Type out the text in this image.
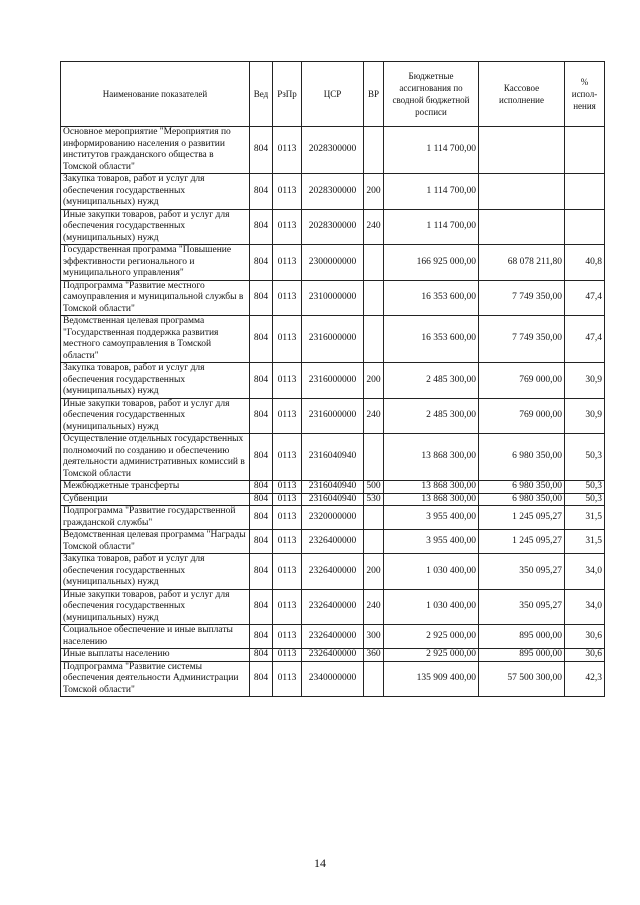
Наименование показателей	Вед	РзПр	ЦСР	ВР	Бюджетные ассигнования по сводной бюджетной росписи	Кассовое исполнение	% испол-нения
Основное мероприятие "Мероприятия по информированию населения о развитии институтов гражданского общества в Томской области"	804	0113	2028300000		1 114 700,00		
Закупка товаров, работ и услуг для обеспечения государственных (муниципальных) нужд	804	0113	2028300000	200	1 114 700,00		
Иные закупки товаров, работ и услуг для обеспечения государственных (муниципальных) нужд	804	0113	2028300000	240	1 114 700,00		
Государственная программа "Повышение эффективности регионального и муниципального управления"	804	0113	2300000000		166 925 000,00	68 078 211,80	40,8
Подпрограмма "Развитие местного самоуправления и муниципальной службы в Томской области"	804	0113	2310000000		16 353 600,00	7 749 350,00	47,4
Ведомственная целевая программа "Государственная поддержка развития местного самоуправления в Томской области"	804	0113	2316000000		16 353 600,00	7 749 350,00	47,4
Закупка товаров, работ и услуг для обеспечения государственных (муниципальных) нужд	804	0113	2316000000	200	2 485 300,00	769 000,00	30,9
Иные закупки товаров, работ и услуг для обеспечения государственных (муниципальных) нужд	804	0113	2316000000	240	2 485 300,00	769 000,00	30,9
Осуществление отдельных государственных полномочий по созданию и обеспечению деятельности административных комиссий в Томской области	804	0113	2316040940		13 868 300,00	6 980 350,00	50,3
Межбюджетные трансферты	804	0113	2316040940	500	13 868 300,00	6 980 350,00	50,3
Субвенции	804	0113	2316040940	530	13 868 300,00	6 980 350,00	50,3
Подпрограмма "Развитие государственной гражданской службы"	804	0113	2320000000		3 955 400,00	1 245 095,27	31,5
Ведомственная целевая программа "Награды Томской области"	804	0113	2326400000		3 955 400,00	1 245 095,27	31,5
Закупка товаров, работ и услуг для обеспечения государственных (муниципальных) нужд	804	0113	2326400000	200	1 030 400,00	350 095,27	34,0
Иные закупки товаров, работ и услуг для обеспечения государственных (муниципальных) нужд	804	0113	2326400000	240	1 030 400,00	350 095,27	34,0
Социальное обеспечение и иные выплаты населению	804	0113	2326400000	300	2 925 000,00	895 000,00	30,6
Иные выплаты населению	804	0113	2326400000	360	2 925 000,00	895 000,00	30,6
Подпрограмма "Развитие системы обеспечения деятельности Администрации Томской области"	804	0113	2340000000		135 909 400,00	57 500 300,00	42,3
14
